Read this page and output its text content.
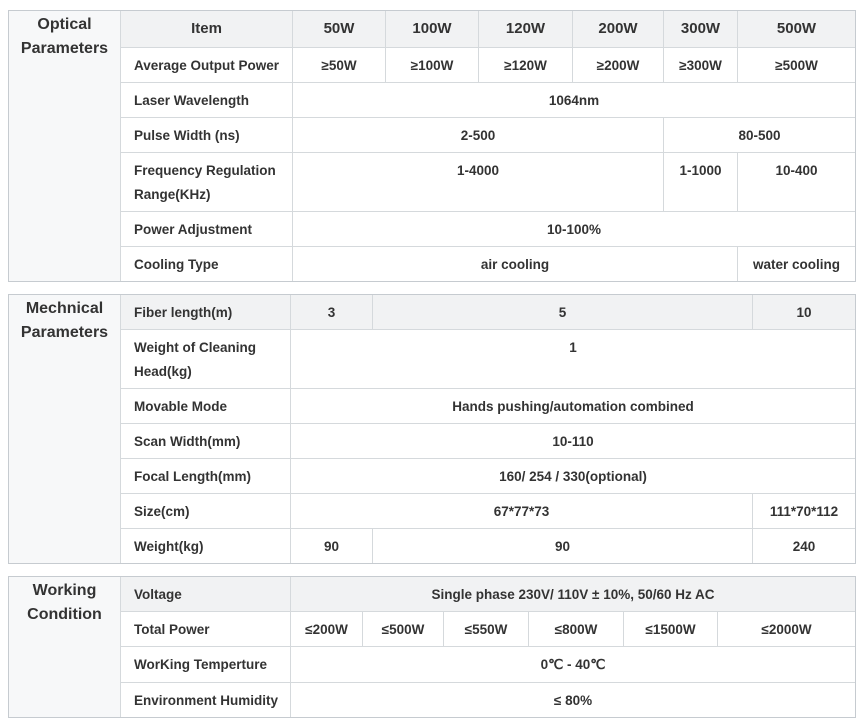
Optical Parameters	Item	50W	100W	120W	200W	300W	500W
	Average Output Power	≥50W	≥100W	≥120W	≥200W	≥300W	≥500W
	Laser Wavelength	1064nm					
	Pulse Width (ns)	2-500				80-500	
	Frequency Regulation Range(KHz)	1-4000				1-1000	10-400
	Power Adjustment	10-100%					
	Cooling Type	air cooling					water cooling
Mechnical Parameters	Fiber length(m)	3	5	10
	Weight of Cleaning Head(kg)	1		
	Movable Mode	Hands pushing/automation combined		
	Scan Width(mm)	10-110		
	Focal Length(mm)	160/ 254 / 330(optional)		
	Size(cm)	67*77*73		111*70*112
	Weight(kg)	90	90	240
Working Condition	Voltage	Single phase 230V/ 110V ± 10%, 50/60 Hz AC					
	Total Power	≤200W	≤500W	≤550W	≤800W	≤1500W	≤2000W
	WorKing Temperture	0℃ - 40℃					
	Environment Humidity	≤ 80%					
